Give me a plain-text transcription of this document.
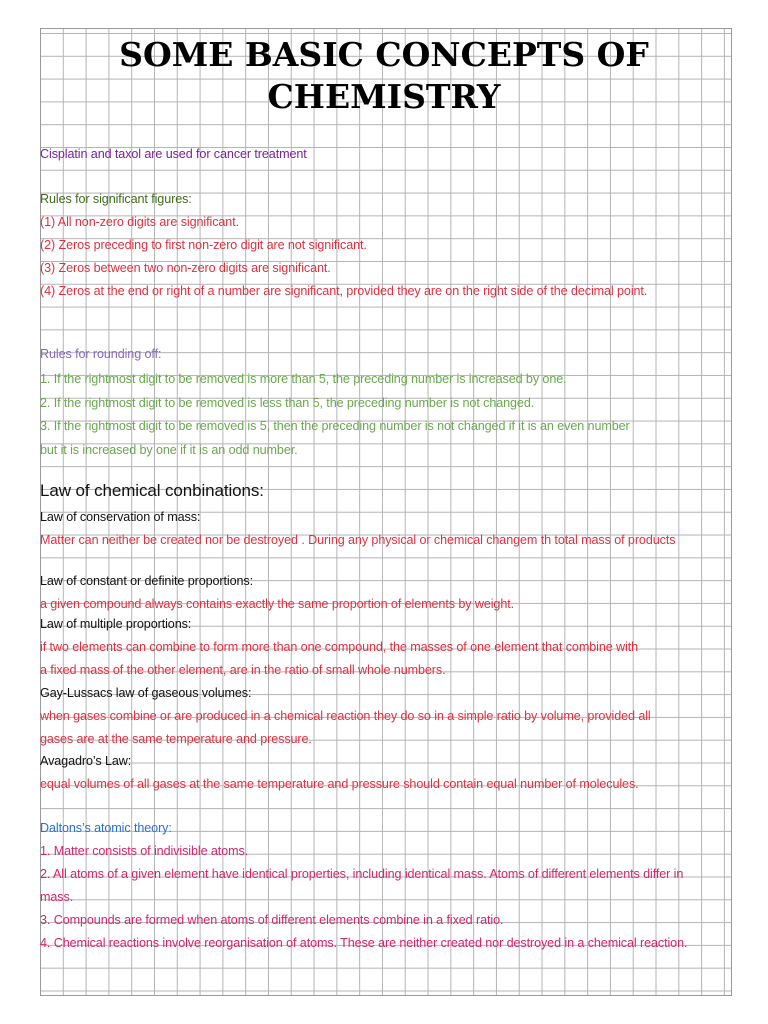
SOME BASIC CONCEPTS OF
CHEMISTRY
Cisplatin and taxol are used for cancer treatment
Rules for significant figures:
(1) All non-zero digits are significant.
(2) Zeros preceding to first non-zero digit are not significant.
(3) Zeros between two non-zero digits are significant.
(4) Zeros at the end or right of a number are significant, provided they are on the right side of the decimal point.
Rules for rounding off:
1. If the rightmost digit to be removed is more than 5, the preceding number is increased by one.
2. If the rightmost digit to be removed is less than 5, the preceding number is not changed.
3. If the rightmost digit to be removed is 5, then the preceding number is not changed if it is an even number
but it is increased by one if it is an odd number.
Law of chemical conbinations:
Law of conservation of mass:
Matter can neither be created nor be destroyed . During any physical or chemical changem th total mass of products
Law of constant or definite proportions:
a given compound always contains exactly the same proportion of elements by weight.
Law of multiple proportions:
if two elements can combine to form more than one compound, the masses of one element that combine with
a fixed mass of the other element, are in the ratio of small whole numbers.
Gay-Lussacs law of gaseous volumes:
when gases combine or are produced in a chemical reaction they do so in a simple ratio by volume, provided all
gases are at the same temperature and pressure.
Avagadro’s Law:
equal volumes of all gases at the same temperature and pressure should contain equal number of molecules.
Daltons’s atomic theory:
1. Matter consists of indivisible atoms.
2. All atoms of a given element have identical properties, including identical mass. Atoms of different elements differ in
mass.
3. Compounds are formed when atoms of different elements combine in a fixed ratio.
4. Chemical reactions involve reorganisation of atoms. These are neither created nor destroyed in a chemical reaction.
